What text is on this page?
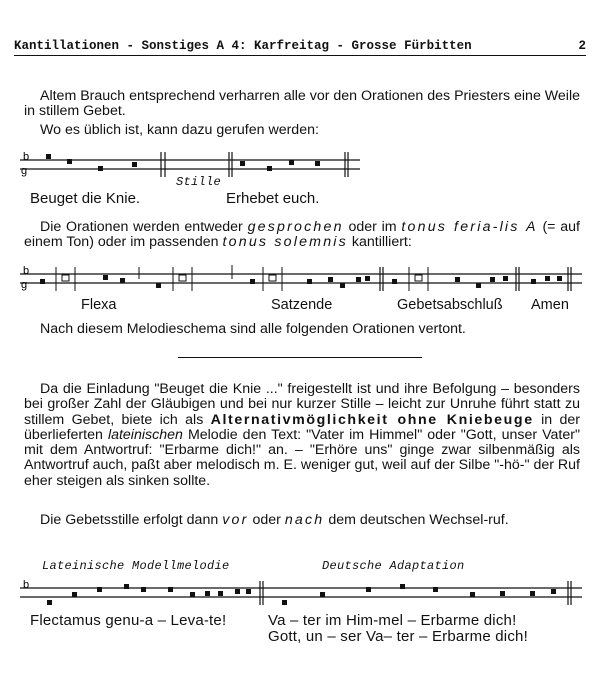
Kantillationen - Sonstiges A 4: Karfreitag - Grosse Fürbitten	2

Altem Brauch entsprechend verharren alle vor den Orationen des Priesters eine Weile in stillem Gebet.

Wo es üblich ist, kann dazu gerufen werden:

b
g
Stille
Beuget die Knie.	Erhebet euch.

Die Orationen werden entweder gesprochen oder im tonus feria-lis A (= auf einem Ton) oder im passenden tonus solemnis kantilliert:

b
g
Flexa	Satzende	Gebetsabschluß Amen

Nach diesem Melodieschema sind alle folgenden Orationen vertont.

Da die Einladung "Beuget die Knie ..." freigestellt ist und ihre Befolgung – besonders bei großer Zahl der Gläubigen und bei nur kurzer Stille – leicht zur Unruhe führt statt zu stillem Gebet, biete ich als Alternativmöglichkeit ohne Kniebeuge in der überlieferten lateinischen Melodie den Text: "Vater im Himmel" oder "Gott, unser Vater" mit dem Antwortruf: "Erbarme dich!" an. – "Erhöre uns" ginge zwar silbenmäßig als Antwortruf auch, paßt aber melodisch m. E. weniger gut, weil auf der Silbe "-hö-" der Ruf eher steigen als sinken sollte.

Die Gebetsstille erfolgt dann vor oder nach dem deutschen Wechsel-ruf.

Lateinische Modellmelodie	Deutsche Adaptation
b
Flectamus genu-a – Leva-te!	Va – ter im Him-mel – Erbarme dich!
Gott, un – ser Va– ter – Erbarme dich!
